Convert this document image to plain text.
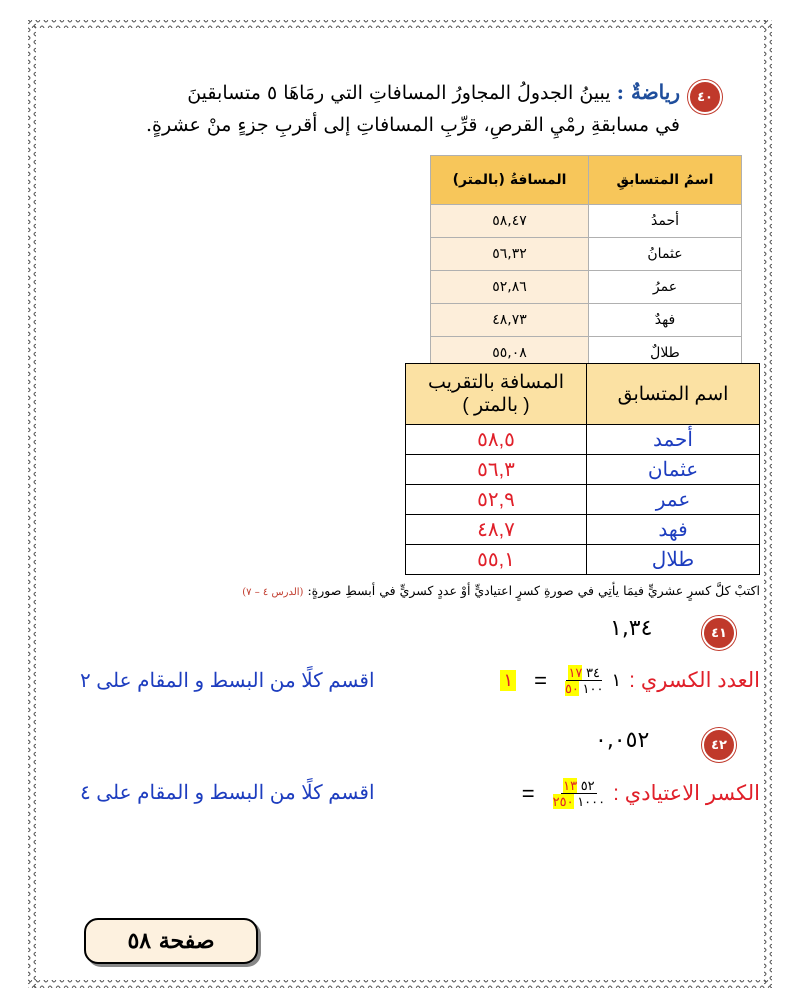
٤٠
رياضةٌ : يبينُ الجدولُ المجاورُ المسافاتِ التي رمَاهَا ٥ متسابقينَ
في مسابقةِ رمْيِ القرصِ، قرِّبِ المسافاتِ إلى أقربِ جزءٍ منْ عشرةٍ.
اسمُ المتسابقِ	المسافةُ (بالمتر)
أحمدُ	٥٨,٤٧
عثمانُ	٥٦,٣٢
عمرُ	٥٢,٨٦
فهدٌ	٤٨,٧٣
طلالٌ	٥٥,٠٨
اسم المتسابق	المسافة بالتقريب
( بالمتر )

أحمد	٥٨,٥
عثمان	٥٦,٣
عمر	٥٢,٩
فهد	٤٨,٧
طلال	٥٥,١
اكتبْ كلَّ كسرٍ عشريٍّ فيمَا يأتِي في صورةِ كسرٍ اعتياديٍّ أوْ عددٍ كسريٍّ في أبسطِ صورةٍ: (الدرس ٤ – ٧)
٤١
١,٣٤
العدد الكسري :
١
$\frac{٣٤ ١٧}{١٠٠ ٥٠}$
=
١
اقسم كلًا من البسط و المقام على ٢
٤٢
٠,٠٥٢
الكسر الاعتيادي :
$\frac{٥٢ ١٣}{١٠٠٠ ٢٥٠}$
=
اقسم كلًا من البسط و المقام على ٤
صفحة ٥٨
